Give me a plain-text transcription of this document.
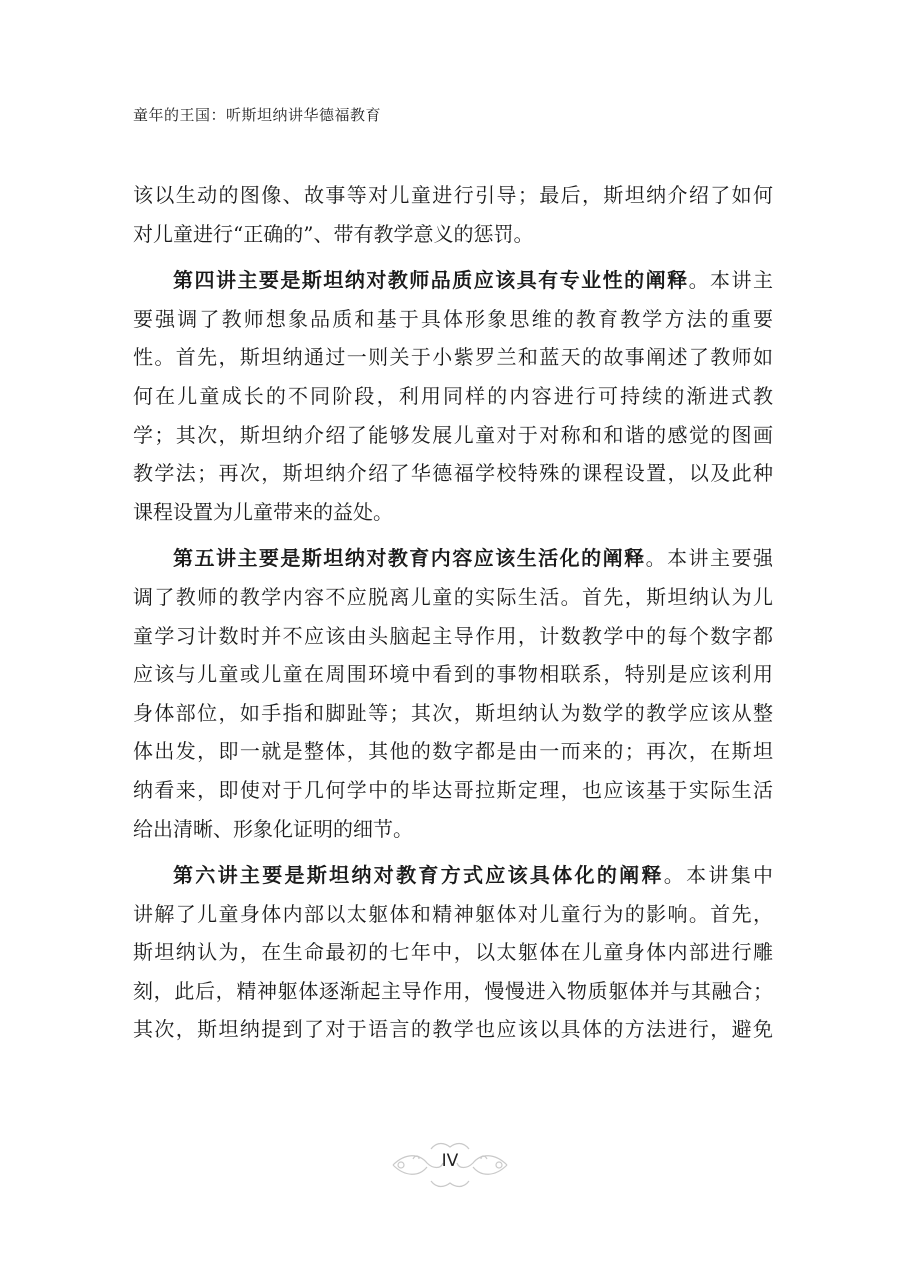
童年的王国：听斯坦纳讲华德福教育
该以生动的图像、故事等对儿童进行引导；最后，斯坦纳介绍了如何
对儿童进行“正确的”、带有教学意义的惩罚。
第四讲主要是斯坦纳对教师品质应该具有专业性的阐释。本讲主
要强调了教师想象品质和基于具体形象思维的教育教学方法的重要
性。首先，斯坦纳通过一则关于小紫罗兰和蓝天的故事阐述了教师如
何在儿童成长的不同阶段，利用同样的内容进行可持续的渐进式教
学；其次，斯坦纳介绍了能够发展儿童对于对称和和谐的感觉的图画
教学法；再次，斯坦纳介绍了华德福学校特殊的课程设置，以及此种
课程设置为儿童带来的益处。
第五讲主要是斯坦纳对教育内容应该生活化的阐释。本讲主要强
调了教师的教学内容不应脱离儿童的实际生活。首先，斯坦纳认为儿
童学习计数时并不应该由头脑起主导作用，计数教学中的每个数字都
应该与儿童或儿童在周围环境中看到的事物相联系，特别是应该利用
身体部位，如手指和脚趾等；其次，斯坦纳认为数学的教学应该从整
体出发，即一就是整体，其他的数字都是由一而来的；再次，在斯坦
纳看来，即使对于几何学中的毕达哥拉斯定理，也应该基于实际生活
给出清晰、形象化证明的细节。
第六讲主要是斯坦纳对教育方式应该具体化的阐释。本讲集中
讲解了儿童身体内部以太躯体和精神躯体对儿童行为的影响。首先，
斯坦纳认为，在生命最初的七年中，以太躯体在儿童身体内部进行雕
刻，此后，精神躯体逐渐起主导作用，慢慢进入物质躯体并与其融合；
其次，斯坦纳提到了对于语言的教学也应该以具体的方法进行，避免
IV
